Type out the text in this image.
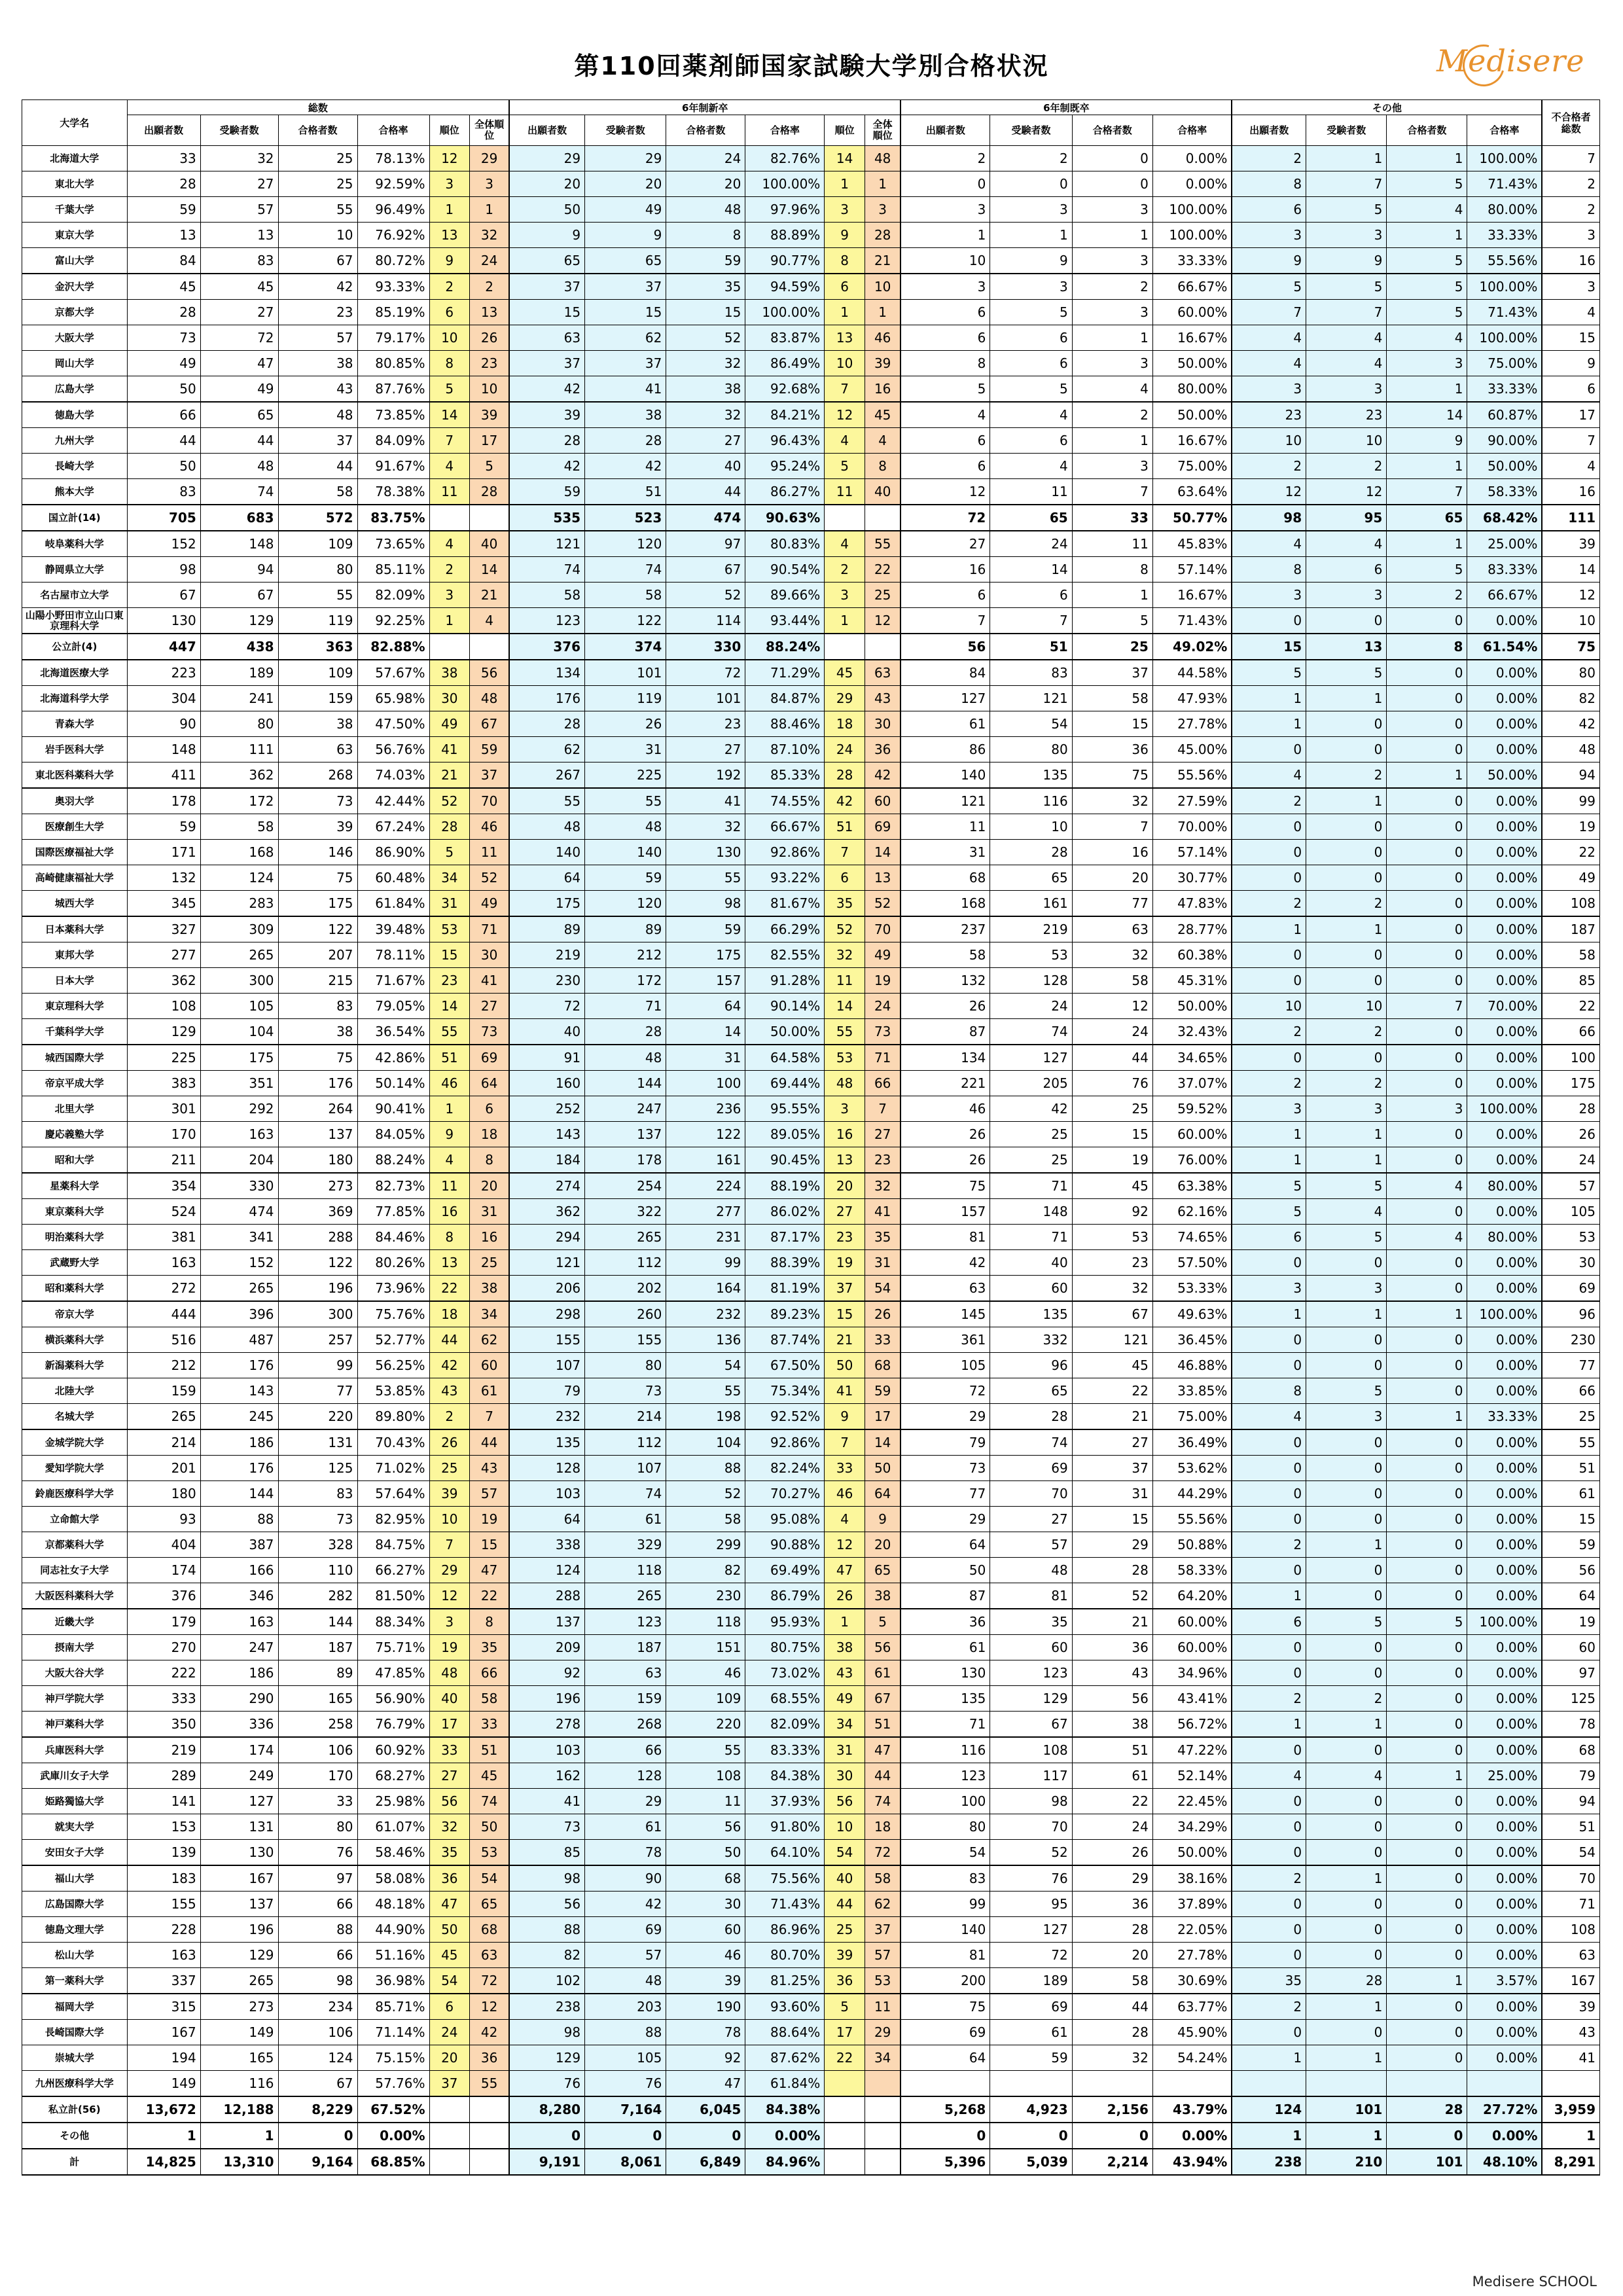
第110回薬剤師国家試験大学別合格状況	Medisere
大学名	総数						6年制新卒						6年制既卒				その他				不合格者総数
	出願者数	受験者数	合格者数	合格率	順位	全体順位	出願者数	受験者数	合格者数	合格率	順位	全体順位	出願者数	受験者数	合格者数	合格率	出願者数	受験者数	合格者数	合格率	
北海道大学	33	32	25	78.13%	12	29	29	29	24	82.76%	14	48	2	2	0	0.00%	2	1	1	100.00%	7
東北大学	28	27	25	92.59%	3	3	20	20	20	100.00%	1	1	0	0	0	0.00%	8	7	5	71.43%	2
千葉大学	59	57	55	96.49%	1	1	50	49	48	97.96%	3	3	3	3	3	100.00%	6	5	4	80.00%	2
東京大学	13	13	10	76.92%	13	32	9	9	8	88.89%	9	28	1	1	1	100.00%	3	3	1	33.33%	3
富山大学	84	83	67	80.72%	9	24	65	65	59	90.77%	8	21	10	9	3	33.33%	9	9	5	55.56%	16
金沢大学	45	45	42	93.33%	2	2	37	37	35	94.59%	6	10	3	3	2	66.67%	5	5	5	100.00%	3
京都大学	28	27	23	85.19%	6	13	15	15	15	100.00%	1	1	6	5	3	60.00%	7	7	5	71.43%	4
大阪大学	73	72	57	79.17%	10	26	63	62	52	83.87%	13	46	6	6	1	16.67%	4	4	4	100.00%	15
岡山大学	49	47	38	80.85%	8	23	37	37	32	86.49%	10	39	8	6	3	50.00%	4	4	3	75.00%	9
広島大学	50	49	43	87.76%	5	10	42	41	38	92.68%	7	16	5	5	4	80.00%	3	3	1	33.33%	6
徳島大学	66	65	48	73.85%	14	39	39	38	32	84.21%	12	45	4	4	2	50.00%	23	23	14	60.87%	17
九州大学	44	44	37	84.09%	7	17	28	28	27	96.43%	4	4	6	6	1	16.67%	10	10	9	90.00%	7
長崎大学	50	48	44	91.67%	4	5	42	42	40	95.24%	5	8	6	4	3	75.00%	2	2	1	50.00%	4
熊本大学	83	74	58	78.38%	11	28	59	51	44	86.27%	11	40	12	11	7	63.64%	12	12	7	58.33%	16
国立計(14)	705	683	572	83.75%			535	523	474	90.63%			72	65	33	50.77%	98	95	65	68.42%	111
岐阜薬科大学	152	148	109	73.65%	4	40	121	120	97	80.83%	4	55	27	24	11	45.83%	4	4	1	25.00%	39
静岡県立大学	98	94	80	85.11%	2	14	74	74	67	90.54%	2	22	16	14	8	57.14%	8	6	5	83.33%	14
名古屋市立大学	67	67	55	82.09%	3	21	58	58	52	89.66%	3	25	6	6	1	16.67%	3	3	2	66.67%	12
山陽小野田市立山口東京理科大学	130	129	119	92.25%	1	4	123	122	114	93.44%	1	12	7	7	5	71.43%	0	0	0	0.00%	10
公立計(4)	447	438	363	82.88%			376	374	330	88.24%			56	51	25	49.02%	15	13	8	61.54%	75
北海道医療大学	223	189	109	57.67%	38	56	134	101	72	71.29%	45	63	84	83	37	44.58%	5	5	0	0.00%	80
北海道科学大学	304	241	159	65.98%	30	48	176	119	101	84.87%	29	43	127	121	58	47.93%	1	1	0	0.00%	82
青森大学	90	80	38	47.50%	49	67	28	26	23	88.46%	18	30	61	54	15	27.78%	1	0	0	0.00%	42
岩手医科大学	148	111	63	56.76%	41	59	62	31	27	87.10%	24	36	86	80	36	45.00%	0	0	0	0.00%	48
東北医科薬科大学	411	362	268	74.03%	21	37	267	225	192	85.33%	28	42	140	135	75	55.56%	4	2	1	50.00%	94
奥羽大学	178	172	73	42.44%	52	70	55	55	41	74.55%	42	60	121	116	32	27.59%	2	1	0	0.00%	99
医療創生大学	59	58	39	67.24%	28	46	48	48	32	66.67%	51	69	11	10	7	70.00%	0	0	0	0.00%	19
国際医療福祉大学	171	168	146	86.90%	5	11	140	140	130	92.86%	7	14	31	28	16	57.14%	0	0	0	0.00%	22
高崎健康福祉大学	132	124	75	60.48%	34	52	64	59	55	93.22%	6	13	68	65	20	30.77%	0	0	0	0.00%	49
城西大学	345	283	175	61.84%	31	49	175	120	98	81.67%	35	52	168	161	77	47.83%	2	2	0	0.00%	108
日本薬科大学	327	309	122	39.48%	53	71	89	89	59	66.29%	52	70	237	219	63	28.77%	1	1	0	0.00%	187
東邦大学	277	265	207	78.11%	15	30	219	212	175	82.55%	32	49	58	53	32	60.38%	0	0	0	0.00%	58
日本大学	362	300	215	71.67%	23	41	230	172	157	91.28%	11	19	132	128	58	45.31%	0	0	0	0.00%	85
東京理科大学	108	105	83	79.05%	14	27	72	71	64	90.14%	14	24	26	24	12	50.00%	10	10	7	70.00%	22
千葉科学大学	129	104	38	36.54%	55	73	40	28	14	50.00%	55	73	87	74	24	32.43%	2	2	0	0.00%	66
城西国際大学	225	175	75	42.86%	51	69	91	48	31	64.58%	53	71	134	127	44	34.65%	0	0	0	0.00%	100
帝京平成大学	383	351	176	50.14%	46	64	160	144	100	69.44%	48	66	221	205	76	37.07%	2	2	0	0.00%	175
北里大学	301	292	264	90.41%	1	6	252	247	236	95.55%	3	7	46	42	25	59.52%	3	3	3	100.00%	28
慶応義塾大学	170	163	137	84.05%	9	18	143	137	122	89.05%	16	27	26	25	15	60.00%	1	1	0	0.00%	26
昭和大学	211	204	180	88.24%	4	8	184	178	161	90.45%	13	23	26	25	19	76.00%	1	1	0	0.00%	24
星薬科大学	354	330	273	82.73%	11	20	274	254	224	88.19%	20	32	75	71	45	63.38%	5	5	4	80.00%	57
東京薬科大学	524	474	369	77.85%	16	31	362	322	277	86.02%	27	41	157	148	92	62.16%	5	4	0	0.00%	105
明治薬科大学	381	341	288	84.46%	8	16	294	265	231	87.17%	23	35	81	71	53	74.65%	6	5	4	80.00%	53
武蔵野大学	163	152	122	80.26%	13	25	121	112	99	88.39%	19	31	42	40	23	57.50%	0	0	0	0.00%	30
昭和薬科大学	272	265	196	73.96%	22	38	206	202	164	81.19%	37	54	63	60	32	53.33%	3	3	0	0.00%	69
帝京大学	444	396	300	75.76%	18	34	298	260	232	89.23%	15	26	145	135	67	49.63%	1	1	1	100.00%	96
横浜薬科大学	516	487	257	52.77%	44	62	155	155	136	87.74%	21	33	361	332	121	36.45%	0	0	0	0.00%	230
新潟薬科大学	212	176	99	56.25%	42	60	107	80	54	67.50%	50	68	105	96	45	46.88%	0	0	0	0.00%	77
北陸大学	159	143	77	53.85%	43	61	79	73	55	75.34%	41	59	72	65	22	33.85%	8	5	0	0.00%	66
名城大学	265	245	220	89.80%	2	7	232	214	198	92.52%	9	17	29	28	21	75.00%	4	3	1	33.33%	25
金城学院大学	214	186	131	70.43%	26	44	135	112	104	92.86%	7	14	79	74	27	36.49%	0	0	0	0.00%	55
愛知学院大学	201	176	125	71.02%	25	43	128	107	88	82.24%	33	50	73	69	37	53.62%	0	0	0	0.00%	51
鈴鹿医療科学大学	180	144	83	57.64%	39	57	103	74	52	70.27%	46	64	77	70	31	44.29%	0	0	0	0.00%	61
立命館大学	93	88	73	82.95%	10	19	64	61	58	95.08%	4	9	29	27	15	55.56%	0	0	0	0.00%	15
京都薬科大学	404	387	328	84.75%	7	15	338	329	299	90.88%	12	20	64	57	29	50.88%	2	1	0	0.00%	59
同志社女子大学	174	166	110	66.27%	29	47	124	118	82	69.49%	47	65	50	48	28	58.33%	0	0	0	0.00%	56
大阪医科薬科大学	376	346	282	81.50%	12	22	288	265	230	86.79%	26	38	87	81	52	64.20%	1	0	0	0.00%	64
近畿大学	179	163	144	88.34%	3	8	137	123	118	95.93%	1	5	36	35	21	60.00%	6	5	5	100.00%	19
摂南大学	270	247	187	75.71%	19	35	209	187	151	80.75%	38	56	61	60	36	60.00%	0	0	0	0.00%	60
大阪大谷大学	222	186	89	47.85%	48	66	92	63	46	73.02%	43	61	130	123	43	34.96%	0	0	0	0.00%	97
神戸学院大学	333	290	165	56.90%	40	58	196	159	109	68.55%	49	67	135	129	56	43.41%	2	2	0	0.00%	125
神戸薬科大学	350	336	258	76.79%	17	33	278	268	220	82.09%	34	51	71	67	38	56.72%	1	1	0	0.00%	78
兵庫医科大学	219	174	106	60.92%	33	51	103	66	55	83.33%	31	47	116	108	51	47.22%	0	0	0	0.00%	68
武庫川女子大学	289	249	170	68.27%	27	45	162	128	108	84.38%	30	44	123	117	61	52.14%	4	4	1	25.00%	79
姫路獨協大学	141	127	33	25.98%	56	74	41	29	11	37.93%	56	74	100	98	22	22.45%	0	0	0	0.00%	94
就実大学	153	131	80	61.07%	32	50	73	61	56	91.80%	10	18	80	70	24	34.29%	0	0	0	0.00%	51
安田女子大学	139	130	76	58.46%	35	53	85	78	50	64.10%	54	72	54	52	26	50.00%	0	0	0	0.00%	54
福山大学	183	167	97	58.08%	36	54	98	90	68	75.56%	40	58	83	76	29	38.16%	2	1	0	0.00%	70
広島国際大学	155	137	66	48.18%	47	65	56	42	30	71.43%	44	62	99	95	36	37.89%	0	0	0	0.00%	71
徳島文理大学	228	196	88	44.90%	50	68	88	69	60	86.96%	25	37	140	127	28	22.05%	0	0	0	0.00%	108
松山大学	163	129	66	51.16%	45	63	82	57	46	80.70%	39	57	81	72	20	27.78%	0	0	0	0.00%	63
第一薬科大学	337	265	98	36.98%	54	72	102	48	39	81.25%	36	53	200	189	58	30.69%	35	28	1	3.57%	167
福岡大学	315	273	234	85.71%	6	12	238	203	190	93.60%	5	11	75	69	44	63.77%	2	1	0	0.00%	39
長崎国際大学	167	149	106	71.14%	24	42	98	88	78	88.64%	17	29	69	61	28	45.90%	0	0	0	0.00%	43
崇城大学	194	165	124	75.15%	20	36	129	105	92	87.62%	22	34	64	59	32	54.24%	1	1	0	0.00%	41
九州医療科学大学	149	116	67	57.76%	37	55	76	76	47	61.84%											
私立計(56)	13,672	12,188	8,229	67.52%			8,280	7,164	6,045	84.38%			5,268	4,923	2,156	43.79%	124	101	28	27.72%	3,959
その他	1	1	0	0.00%			0	0	0	0.00%			0	0	0	0.00%	1	1	0	0.00%	1
計	14,825	13,310	9,164	68.85%			9,191	8,061	6,849	84.96%			5,396	5,039	2,214	43.94%	238	210	101	48.10%	8,291
Medisere SCHOOL
